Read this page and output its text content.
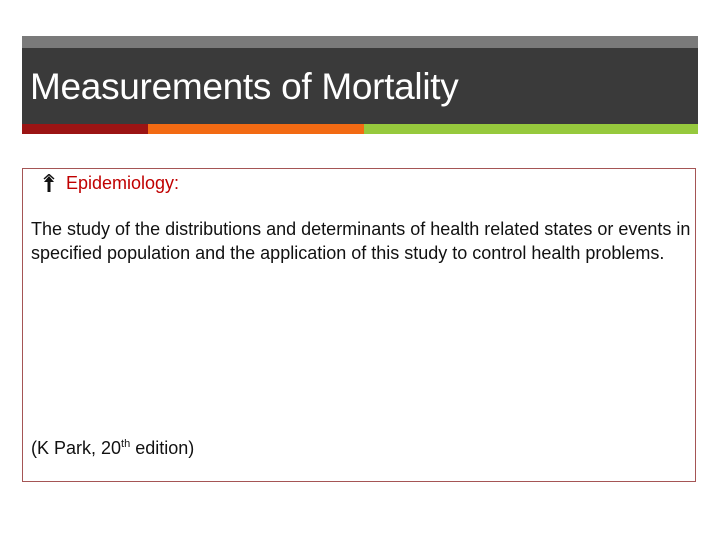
Measurements of Mortality
Epidemiology:
The study of the distributions and determinants of health related states or events in specified population and the application of this study to control health problems.
(K Park, 20th edition)
